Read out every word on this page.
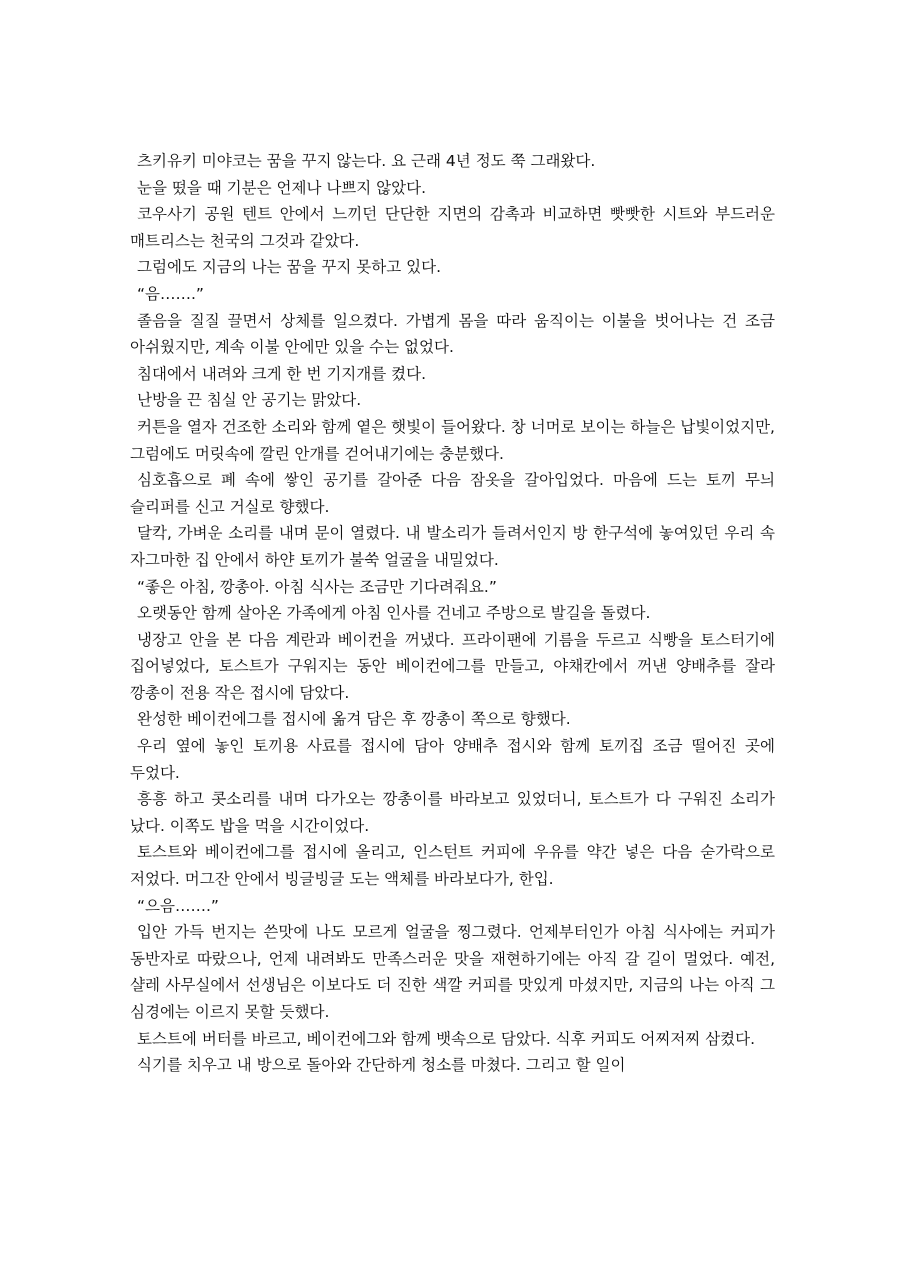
츠키유키 미야코는 꿈을 꾸지 않는다. 요 근래 4년 정도 쭉 그래왔다.

눈을 떴을 때 기분은 언제나 나쁘지 않았다.

코우사기 공원 텐트 안에서 느끼던 단단한 지면의 감촉과 비교하면 빳빳한 시트와 부드러운 매트리스는 천국의 그것과 같았다.

그럼에도 지금의 나는 꿈을 꾸지 못하고 있다.

“음…….”

졸음을 질질 끌면서 상체를 일으켰다. 가볍게 몸을 따라 움직이는 이불을 벗어나는 건 조금 아쉬웠지만, 계속 이불 안에만 있을 수는 없었다.

침대에서 내려와 크게 한 번 기지개를 켰다.

난방을 끈 침실 안 공기는 맑았다.

커튼을 열자 건조한 소리와 함께 옅은 햇빛이 들어왔다. 창 너머로 보이는 하늘은 납빛이었지만, 그럼에도 머릿속에 깔린 안개를 걷어내기에는 충분했다.

심호흡으로 폐 속에 쌓인 공기를 갈아준 다음 잠옷을 갈아입었다. 마음에 드는 토끼 무늬 슬리퍼를 신고 거실로 향했다.

달칵, 가벼운 소리를 내며 문이 열렸다. 내 발소리가 들려서인지 방 한구석에 놓여있던 우리 속 자그마한 집 안에서 하얀 토끼가 불쑥 얼굴을 내밀었다.

“좋은 아침, 깡총아. 아침 식사는 조금만 기다려줘요.”

오랫동안 함께 살아온 가족에게 아침 인사를 건네고 주방으로 발길을 돌렸다.

냉장고 안을 본 다음 계란과 베이컨을 꺼냈다. 프라이팬에 기름을 두르고 식빵을 토스터기에 집어넣었다, 토스트가 구워지는 동안 베이컨에그를 만들고, 야채칸에서 꺼낸 양배추를 잘라 깡총이 전용 작은 접시에 담았다.

완성한 베이컨에그를 접시에 옮겨 담은 후 깡총이 쪽으로 향했다.

우리 옆에 놓인 토끼용 사료를 접시에 담아 양배추 접시와 함께 토끼집 조금 떨어진 곳에 두었다.

흥흥 하고 콧소리를 내며 다가오는 깡총이를 바라보고 있었더니, 토스트가 다 구워진 소리가 났다. 이쪽도 밥을 먹을 시간이었다.

토스트와 베이컨에그를 접시에 올리고, 인스턴트 커피에 우유를 약간 넣은 다음 숟가락으로 저었다. 머그잔 안에서 빙글빙글 도는 액체를 바라보다가, 한입.

“으음…….”

입안 가득 번지는 쓴맛에 나도 모르게 얼굴을 찡그렸다. 언제부터인가 아침 식사에는 커피가 동반자로 따랐으나, 언제 내려봐도 만족스러운 맛을 재현하기에는 아직 갈 길이 멀었다. 예전, 샬레 사무실에서 선생님은 이보다도 더 진한 색깔 커피를 맛있게 마셨지만, 지금의 나는 아직 그 심경에는 이르지 못할 듯했다.

토스트에 버터를 바르고, 베이컨에그와 함께 뱃속으로 담았다. 식후 커피도 어찌저찌 삼켰다.

식기를 치우고 내 방으로 돌아와 간단하게 청소를 마쳤다. 그리고 할 일이
